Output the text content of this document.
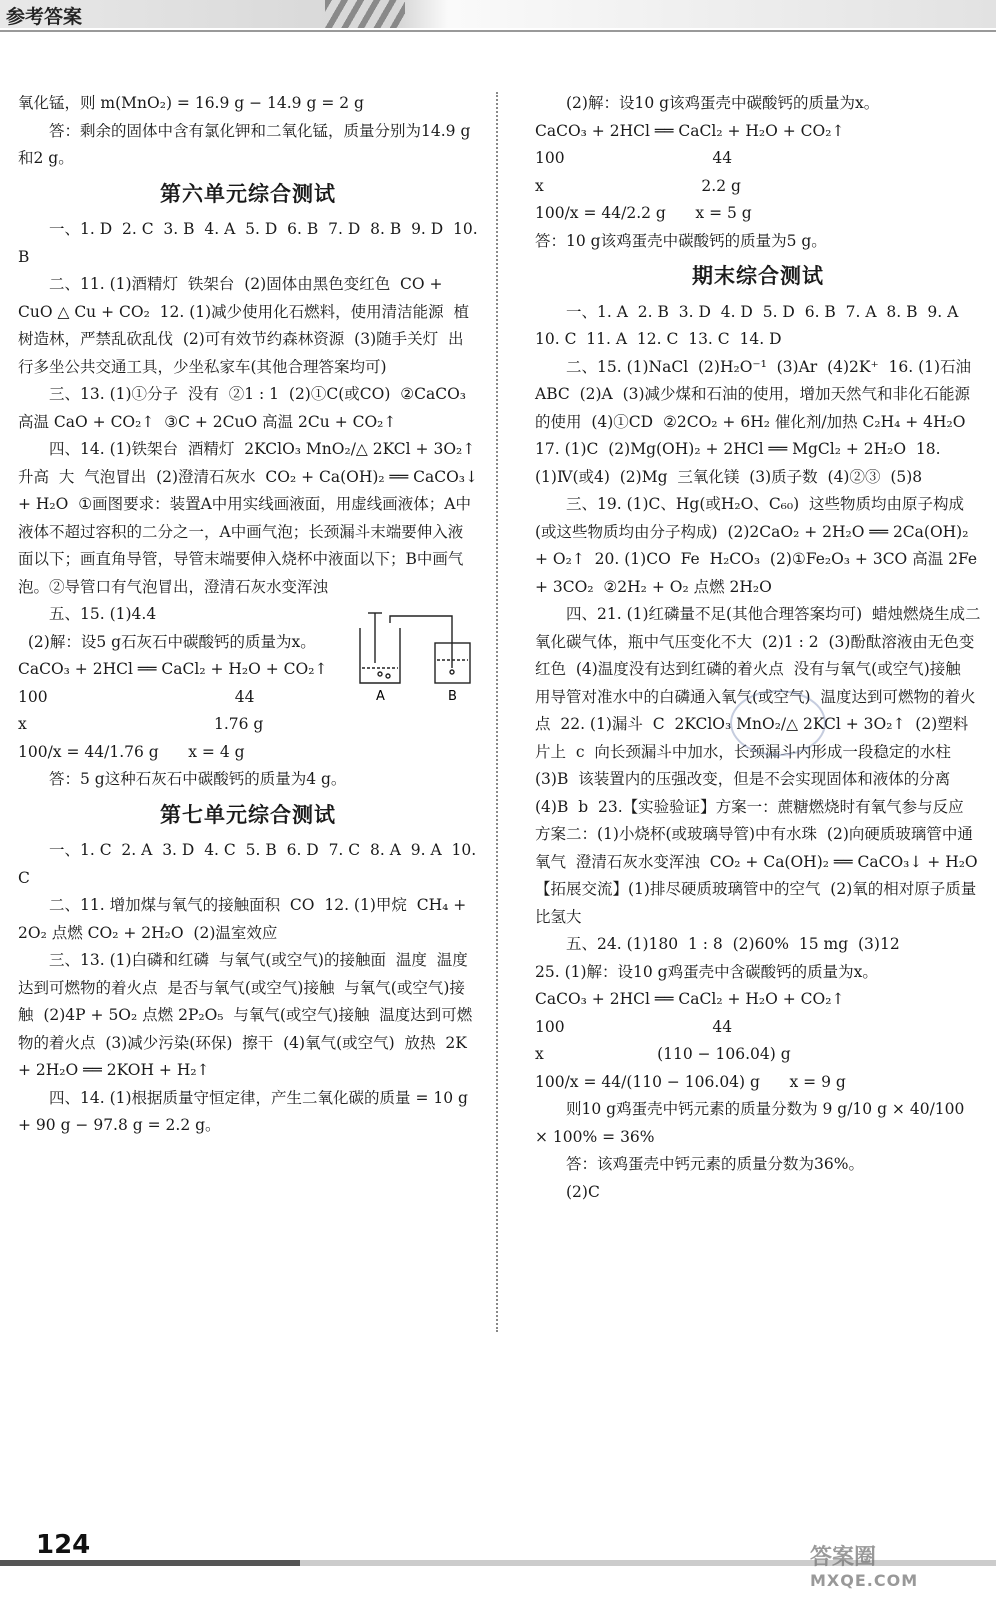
参考答案

氧化锰，则 m(MnO₂) = 16.9 g − 14.9 g = 2 g

答：剩余的固体中含有氯化钾和二氧化锰，质量分别为14.9 g和2 g。

第六单元综合测试

一、1. D  2. C  3. B  4. A  5. D  6. B  7. D  8. B  9. D  10. B

二、11. (1)酒精灯  铁架台  (2)固体由黑色变红色  CO + CuO △ Cu + CO₂  12. (1)减少使用化石燃料，使用清洁能源  植树造林，严禁乱砍乱伐  (2)可有效节约森林资源  (3)随手关灯  出行多坐公共交通工具，少坐私家车(其他合理答案均可)

三、13. (1)①分子  没有  ②1 : 1  (2)①C(或CO)  ②CaCO₃ 高温 CaO + CO₂↑  ③C + 2CuO 高温 2Cu + CO₂↑

四、14. (1)铁架台  酒精灯  2KClO₃ MnO₂/△ 2KCl + 3O₂↑  升高  大  气泡冒出  (2)澄清石灰水  CO₂ + Ca(OH)₂ ══ CaCO₃↓ + H₂O  ①画图要求：装置A中用实线画液面，用虚线画液体；A中液体不超过容积的二分之一，A中画气泡；长颈漏斗末端要伸入液面以下；画直角导管，导管末端要伸入烧杯中液面以下；B中画气泡。②导管口有气泡冒出，澄清石灰水变浑浊

五、15. (1)4.4

(2)解：设5 g石灰石中碳酸钙的质量为x。

CaCO₃ + 2HCl ══ CaCl₂ + H₂O + CO₂↑

100                                      44

x                                      1.76 g

100/x = 44/1.76 g      x = 4 g

答：5 g这种石灰石中碳酸钙的质量为4 g。

第七单元综合测试

一、1. C  2. A  3. D  4. C  5. B  6. D  7. C  8. A  9. A  10. C

二、11. 增加煤与氧气的接触面积  CO  12. (1)甲烷  CH₄ + 2O₂ 点燃 CO₂ + 2H₂O  (2)温室效应

三、13. (1)白磷和红磷  与氧气(或空气)的接触面  温度  温度达到可燃物的着火点  是否与氧气(或空气)接触  与氧气(或空气)接触  (2)4P + 5O₂ 点燃 2P₂O₅  与氧气(或空气)接触  温度达到可燃物的着火点  (3)减少污染(环保)  擦干  (4)氧气(或空气)  放热  2K + 2H₂O ══ 2KOH + H₂↑

四、14. (1)根据质量守恒定律，产生二氧化碳的质量 = 10 g + 90 g − 97.8 g = 2.2 g。

(2)解：设10 g该鸡蛋壳中碳酸钙的质量为x。

CaCO₃ + 2HCl ══ CaCl₂ + H₂O + CO₂↑

100                              44

x                                2.2 g

100/x = 44/2.2 g      x = 5 g

答：10 g该鸡蛋壳中碳酸钙的质量为5 g。

期末综合测试

一、1. A  2. B  3. D  4. D  5. D  6. B  7. A  8. B  9. A  10. C  11. A  12. C  13. C  14. D

二、15. (1)NaCl  (2)H₂O⁻¹  (3)Ar  (4)2K⁺  16. (1)石油  ABC  (2)A  (3)减少煤和石油的使用，增加天然气和非化石能源的使用  (4)①CD  ②2CO₂ + 6H₂ 催化剂/加热 C₂H₄ + 4H₂O  17. (1)C  (2)Mg(OH)₂ + 2HCl ══ MgCl₂ + 2H₂O  18. (1)Ⅳ(或4)  (2)Mg  三氧化镁  (3)质子数  (4)②③  (5)8

三、19. (1)C、Hg(或H₂O、C₆₀)  这些物质均由原子构成(或这些物质均由分子构成)  (2)2CaO₂ + 2H₂O ══ 2Ca(OH)₂ + O₂↑  20. (1)CO  Fe  H₂CO₃  (2)①Fe₂O₃ + 3CO 高温 2Fe + 3CO₂  ②2H₂ + O₂ 点燃 2H₂O

四、21. (1)红磷量不足(其他合理答案均可)  蜡烛燃烧生成二氧化碳气体，瓶中气压变化不大  (2)1 : 2  (3)酚酞溶液由无色变红色  (4)温度没有达到红磷的着火点  没有与氧气(或空气)接触  用导管对准水中的白磷通入氧气(或空气)  温度达到可燃物的着火点  22. (1)漏斗  C  2KClO₃ MnO₂/△ 2KCl + 3O₂↑  (2)塑料片上  c  向长颈漏斗中加水，长颈漏斗内形成一段稳定的水柱  (3)B  该装置内的压强改变，但是不会实现固体和液体的分离  (4)B  b  23.【实验验证】方案一：蔗糖燃烧时有氧气参与反应  方案二：(1)小烧杯(或玻璃导管)中有水珠  (2)向硬质玻璃管中通氧气  澄清石灰水变浑浊  CO₂ + Ca(OH)₂ ══ CaCO₃↓ + H₂O  【拓展交流】(1)排尽硬质玻璃管中的空气  (2)氧的相对原子质量比氢大

五、24. (1)180  1 : 8  (2)60%  15 mg  (3)12

25. (1)解：设10 g鸡蛋壳中含碳酸钙的质量为x。

CaCO₃ + 2HCl ══ CaCl₂ + H₂O + CO₂↑

100                              44

x                       (110 − 106.04) g

100/x = 44/(110 − 106.04) g      x = 9 g

则10 g鸡蛋壳中钙元素的质量分数为 9 g/10 g × 40/100 × 100% = 36%

答：该鸡蛋壳中钙元素的质量分数为36%。

(2)C

A	B
124	答案圈
MXQE.COM
